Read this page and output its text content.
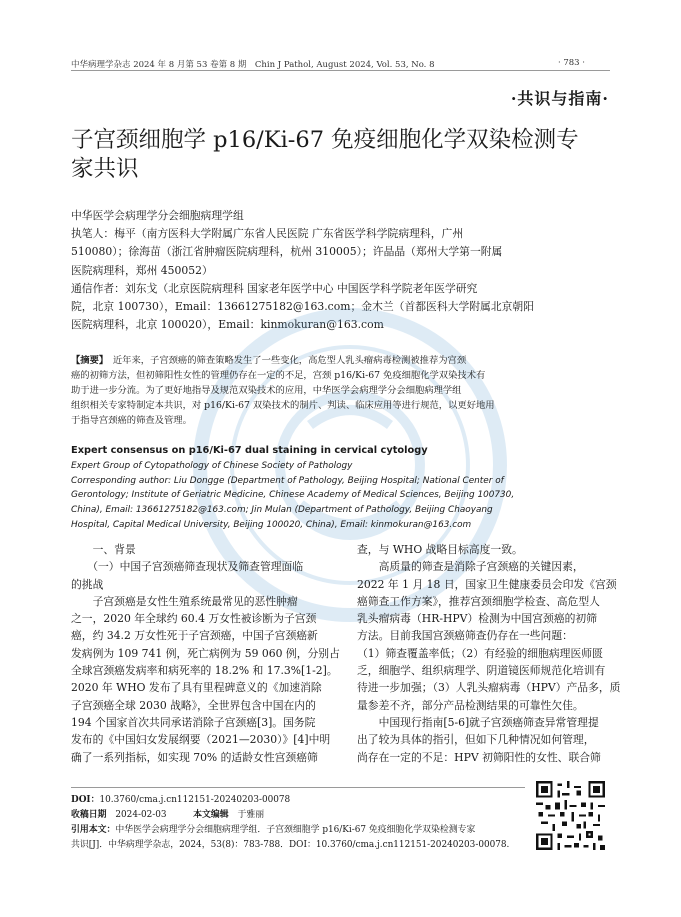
中华病理学杂志 2024 年 8 月第 53 卷第 8 期　Chin J Pathol, August 2024, Vol. 53, No. 8	· 783 ·
·共识与指南·
子宫颈细胞学 p16/Ki-67 免疫细胞化学双染检测专家共识
中华医学会病理学分会细胞病理学组
执笔人：梅平（南方医科大学附属广东省人民医院 广东省医学科学院病理科，广州
510080）；徐海苗（浙江省肿瘤医院病理科，杭州 310005）；许晶晶（郑州大学第一附属
医院病理科，郑州 450052）
通信作者：刘东戈（北京医院病理科 国家老年医学中心 中国医学科学院老年医学研究
院，北京 100730），Email：13661275182@163.com；金木兰（首都医科大学附属北京朝阳
医院病理科，北京 100020），Email：kinmokuran@163.com
【摘要】　近年来，子宫颈癌的筛查策略发生了一些变化，高危型人乳头瘤病毒检测被推荐为宫颈
癌的初筛方法，但初筛阳性女性的管理仍存在一定的不足，宫颈 p16/Ki-67 免疫细胞化学双染技术有
助于进一步分流。为了更好地指导及规范双染技术的应用，中华医学会病理学分会细胞病理学组
组织相关专家特制定本共识，对 p16/Ki-67 双染技术的制片、判读、临床应用等进行规范，以更好地用
于指导宫颈癌的筛查及管理。
Expert consensus on p16/Ki-67 dual staining in cervical cytology
Expert Group of Cytopathology of Chinese Society of Pathology
Corresponding author: Liu Dongge (Department of Pathology, Beijing Hospital; National Center of
Gerontology; Institute of Geriatric Medicine, Chinese Academy of Medical Sciences, Beijing 100730,
China), Email: 13661275182@163.com; Jin Mulan (Department of Pathology, Beijing Chaoyang
Hospital, Capital Medical University, Beijing 100020, China), Email: kinmokuran@163.com
　　一、背景
　　（一）中国子宫颈癌筛查现状及筛查管理面临
的挑战
　　子宫颈癌是女性生殖系统最常见的恶性肿瘤
之一，2020 年全球约 60.4 万女性被诊断为子宫颈
癌，约 34.2 万女性死于子宫颈癌，中国子宫颈癌新
发病例为 109 741 例，死亡病例为 59 060 例，分别占
全球宫颈癌发病率和病死率的 18.2% 和 17.3%[1-2]。
2020 年 WHO 发布了具有里程碑意义的《加速消除
子宫颈癌全球 2030 战略》，全世界包含中国在内的
194 个国家首次共同承诺消除子宫颈癌[3]。国务院
发布的《中国妇女发展纲要（2021—2030）》[4]中明
确了一系列指标，如实现 70% 的适龄女性宫颈癌筛
查，与 WHO 战略目标高度一致。
　　高质量的筛查是消除子宫颈癌的关键因素，
2022 年 1 月 18 日，国家卫生健康委员会印发《宫颈
癌筛查工作方案》，推荐宫颈细胞学检查、高危型人
乳头瘤病毒（HR-HPV）检测为中国宫颈癌的初筛
方法。目前我国宫颈癌筛查仍存在一些问题：
（1）筛查覆盖率低；（2）有经验的细胞病理医师匮
乏，细胞学、组织病理学、阴道镜医师规范化培训有
待进一步加强；（3）人乳头瘤病毒（HPV）产品多，质
量参差不齐，部分产品检测结果的可靠性欠佳。
　　中国现行指南[5-6]就子宫颈癌筛查异常管理提
出了较为具体的指引，但如下几种情况如何管理，
尚存在一定的不足：HPV 初筛阳性的女性、联合筛
DOI：10.3760/cma.j.cn112151-20240203-00078
收稿日期　 2024-02-03　　　	本文编辑　 于雅丽
引用本文：中华医学会病理学分会细胞病理学组．子宫颈细胞学 p16/Ki-67 免疫细胞化学双染检测专家
共识[J]．中华病理学杂志，2024，53(8)：783-788．DOI：10.3760/cma.j.cn112151-20240203-00078.
